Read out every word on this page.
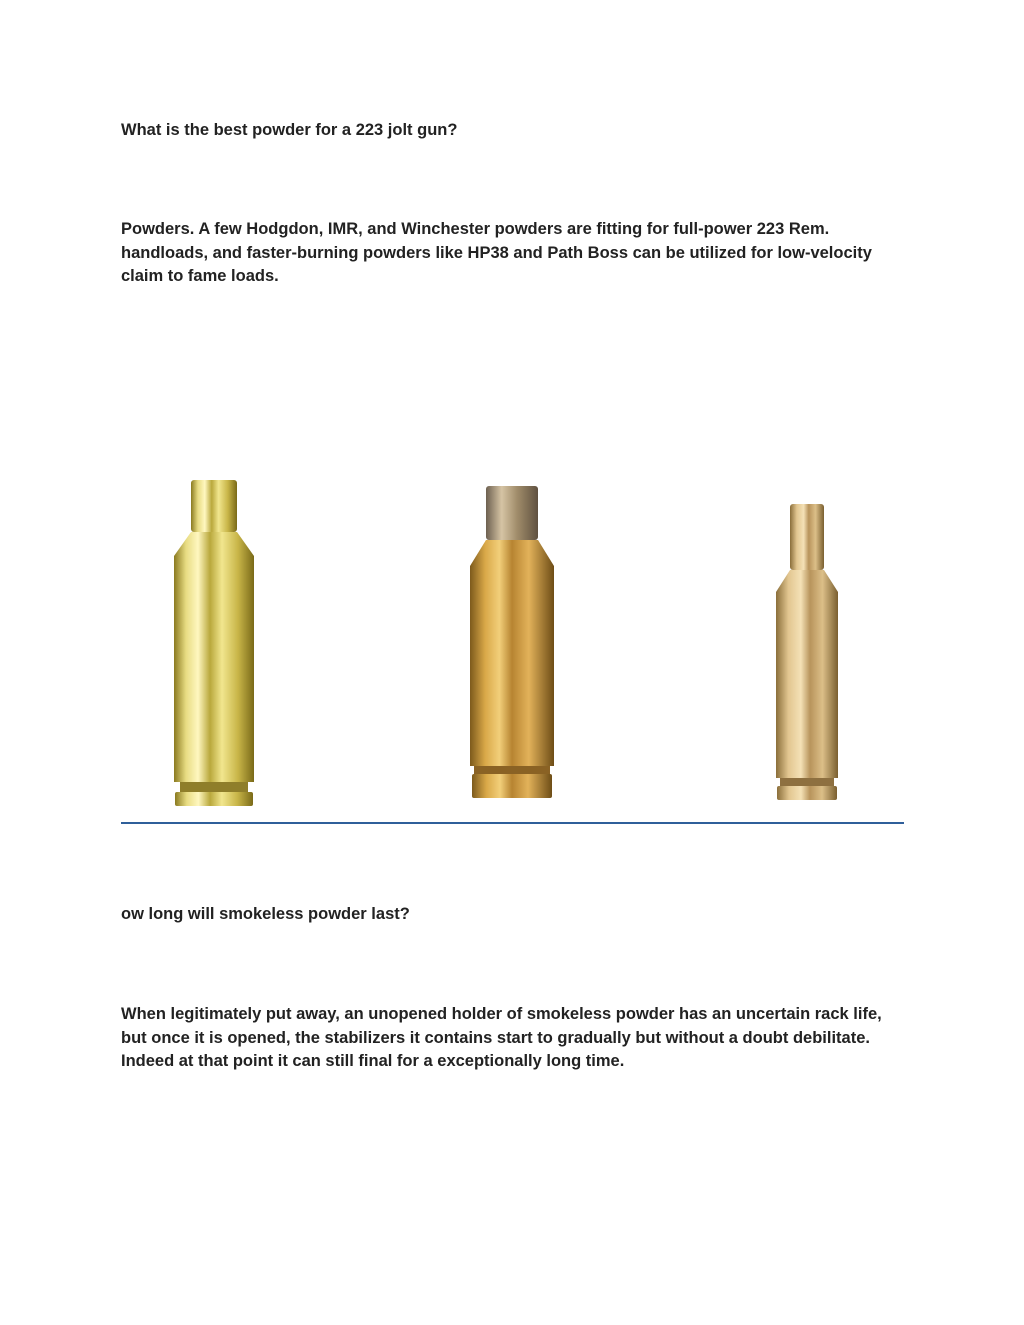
What is the best powder for a 223 jolt gun?

Powders. A few Hodgdon, IMR, and Winchester powders are fitting for full-power 223 Rem. handloads, and faster-burning powders like HP38 and Path Boss can be utilized for low-velocity claim to fame loads.

ow long will smokeless powder last?

When legitimately put away, an unopened holder of smokeless powder has an uncertain rack life, but once it is opened, the stabilizers it contains start to gradually but without a doubt debilitate. Indeed at that point it can still final for a exceptionally long time.
